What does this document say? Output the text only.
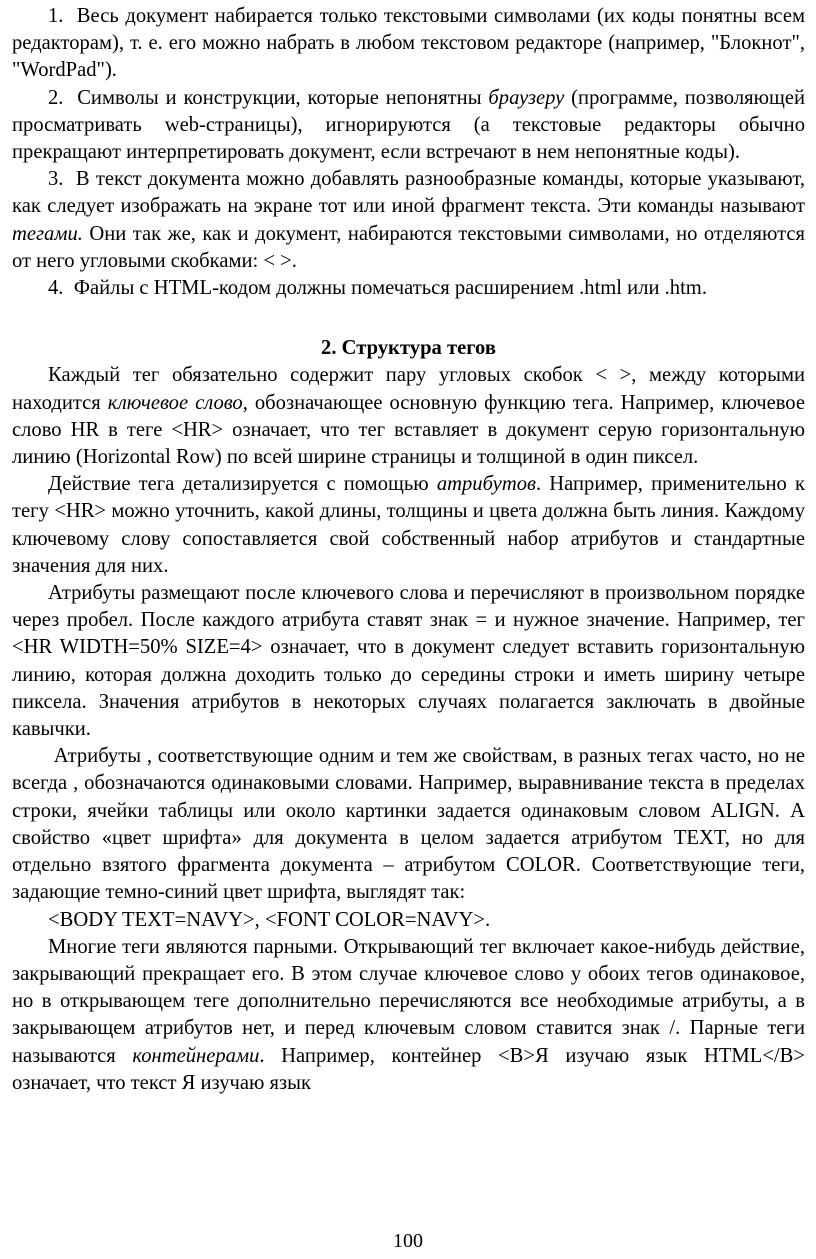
1.  Весь документ набирается только текстовыми символами (их коды понятны всем редакторам), т. е. его можно набрать в любом текстовом редакторе (например, "Блокнот", "WordPad").

2.  Символы и конструкции, которые непонятны браузеру (программе, позволяющей просматривать web-страницы), игнорируются (а текстовые редакторы обычно прекращают интерпретировать документ, если встречают в нем непонятные коды).

3.  В текст документа можно добавлять разнообразные команды, которые указывают, как следует изображать на экране тот или иной фрагмент текста. Эти команды называют тегами. Они так же, как и документ, набираются текстовыми символами, но отделяются от него угловыми скобками: < >.

4.  Файлы с HTML-кодом должны помечаться расширением .html или .htm.

2. Структура тегов

Каждый тег обязательно содержит пару угловых скобок < >, между которыми находится ключевое слово, обозначающее основную функцию тега. Например, ключевое слово HR в теге <HR> означает, что тег вставляет в документ серую горизонтальную линию (Horizontal Row) по всей ширине страницы и толщиной в один пиксел.

Действие тега детализируется с помощью атрибутов. Например, применительно к тегу <HR> можно уточнить, какой длины, толщины и цвета должна быть линия. Каждому ключевому слову сопоставляется свой собственный набор атрибутов и стандартные значения для них.

Атрибуты размещают после ключевого слова и перечисляют в произвольном порядке через пробел. После каждого атрибута ставят знак = и нужное значение. Например, тег <HR WIDTH=50% SIZE=4> означает, что в документ следует вставить горизонтальную линию, которая должна доходить только до середины строки и иметь ширину четыре пиксела. Значения атрибутов в некоторых случаях полагается заключать в двойные кавычки.

Атрибуты , соответствующие одним и тем же свойствам, в разных тегах часто, но не всегда , обозначаются одинаковыми словами. Например, выравнивание текста в пределах строки, ячейки таблицы или около картинки задается одинаковым словом ALIGN. А свойство «цвет шрифта» для документа в целом задается атрибутом TEXT, но для отдельно взятого фрагмента документа – атрибутом COLOR. Соответствующие теги, задающие темно-синий цвет шрифта, выглядят так:

<BODY TEXT=NAVY>, <FONT COLOR=NAVY>.

Многие теги являются парными. Открывающий тег включает какое-нибудь действие, закрывающий прекращает его. В этом случае ключевое слово у обоих тегов одинаковое, но в открывающем теге дополнительно перечисляются все необходимые атрибуты, а в закрывающем атрибутов нет, и перед ключевым словом ставится знак /. Парные теги называются контейнерами. Например, контейнер <B>Я изучаю язык HTML</B> означает, что текст Я изучаю язык

100
